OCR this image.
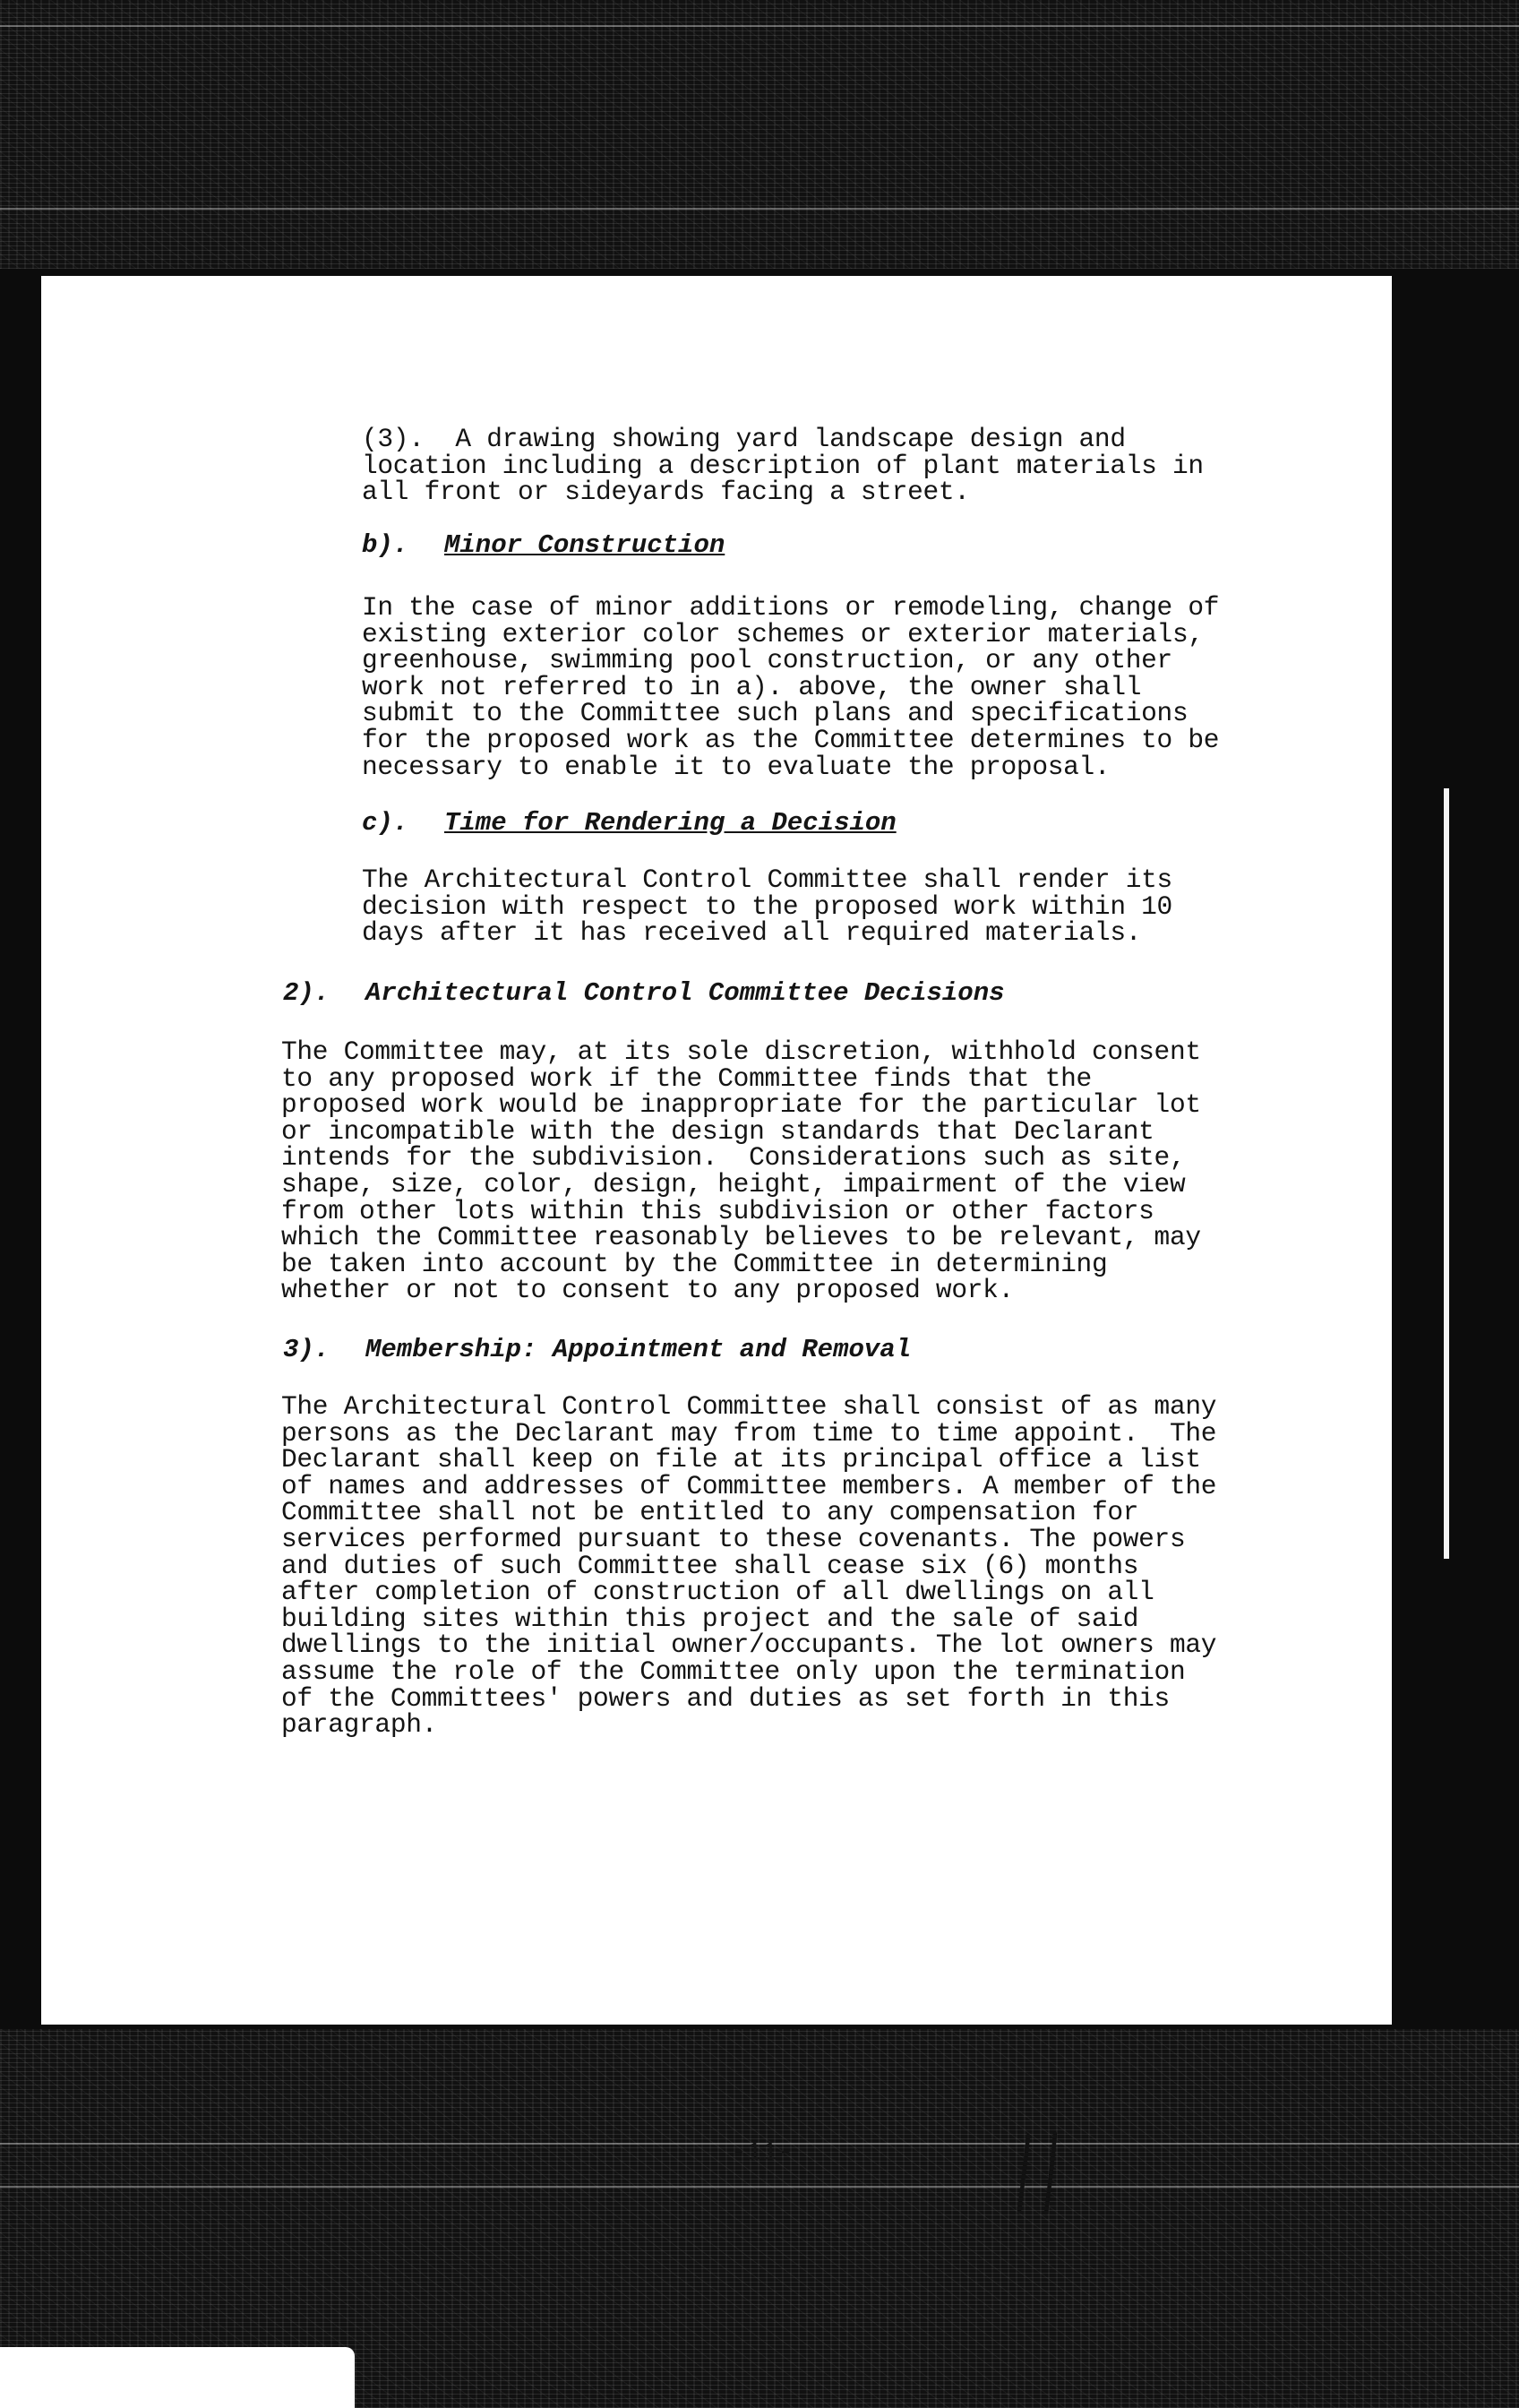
(3).  A drawing showing yard landscape design and
location including a description of plant materials in
all front or sideyards facing a street.
b). Minor Construction
In the case of minor additions or remodeling, change of
existing exterior color schemes or exterior materials,
greenhouse, swimming pool construction, or any other
work not referred to in a). above, the owner shall
submit to the Committee such plans and specifications
for the proposed work as the Committee determines to be
necessary to enable it to evaluate the proposal.
c). Time for Rendering a Decision
The Architectural Control Committee shall render its
decision with respect to the proposed work within 10
days after it has received all required materials.
2). Architectural Control Committee Decisions
The Committee may, at its sole discretion, withhold consent
to any proposed work if the Committee finds that the
proposed work would be inappropriate for the particular lot
or incompatible with the design standards that Declarant
intends for the subdivision.  Considerations such as site,
shape, size, color, design, height, impairment of the view
from other lots within this subdivision or other factors
which the Committee reasonably believes to be relevant, may
be taken into account by the Committee in determining
whether or not to consent to any proposed work.
3). Membership: Appointment and Removal
The Architectural Control Committee shall consist of as many
persons as the Declarant may from time to time appoint.  The
Declarant shall keep on file at its principal office a list
of names and addresses of Committee members. A member of the
Committee shall not be entitled to any compensation for
services performed pursuant to these covenants. The powers
and duties of such Committee shall cease six (6) months
after completion of construction of all dwellings on all
building sites within this project and the sale of said
dwellings to the initial owner/occupants. The lot owners may
assume the role of the Committee only upon the termination
of the Committees' powers and duties as set forth in this
paragraph.
-11-
